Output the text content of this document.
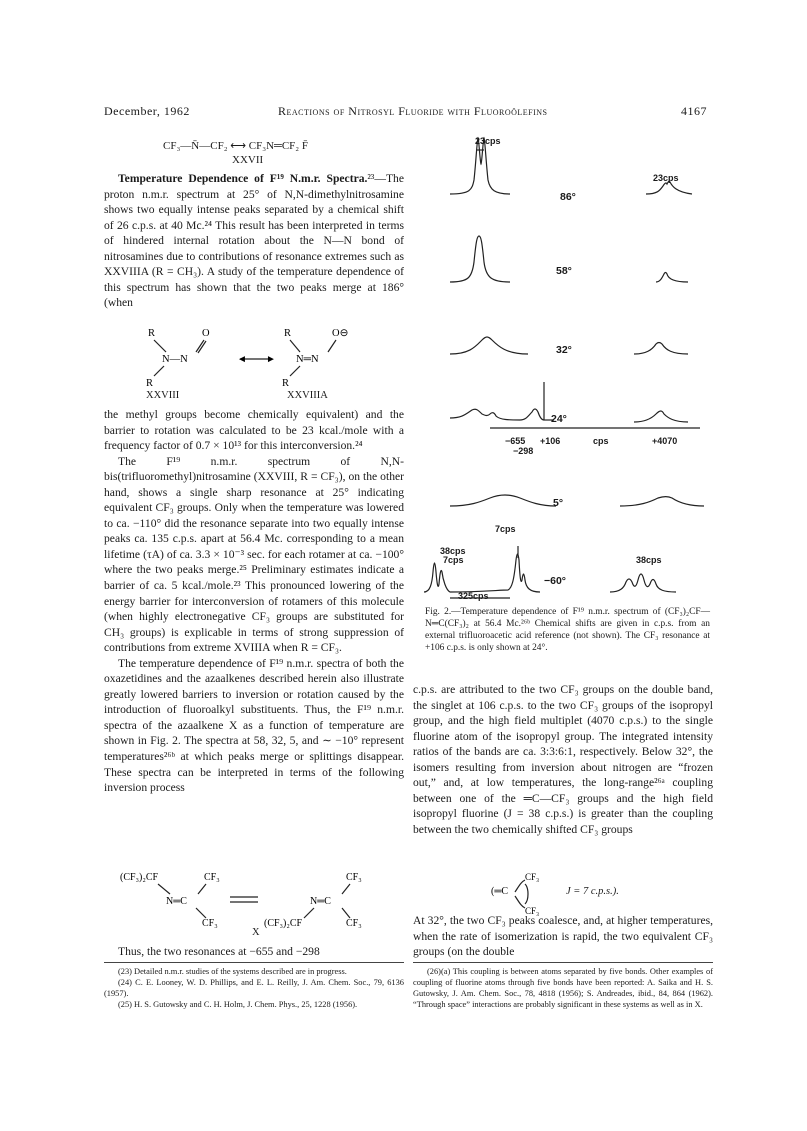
December, 1962	Reactions of Nitrosyl Fluoride with Fluoroölefins	4167
CF₃—N̄—CF₂ ⟷ CF₃N═CF₂ F̄
XXVII

Temperature Dependence of F¹⁹ N.m.r. Spectra.²³—The proton n.m.r. spectrum at 25° of N,N-dimethylnitrosamine shows two equally intense peaks separated by a chemical shift of 26 c.p.s. at 40 Mc.²⁴ This result has been interpreted in terms of hindered internal rotation about the N—N bond of nitrosamines due to contributions of resonance extremes such as XXVIIIA (R = CH₃). A study of the temperature dependence of this spectrum has shown that the two peaks merge at 186° (when

R	O	R	O⊖
N—N	◄ ► N═N
R	R
XXVIII	XXVIIIA

the methyl groups become chemically equivalent) and the barrier to rotation was calculated to be 23 kcal./mole with a frequency factor of 0.7 × 10¹³ for this interconversion.²⁴

The F¹⁹ n.m.r. spectrum of N,N-bis(trifluoromethyl)nitrosamine (XXVIII, R = CF₃), on the other hand, shows a single sharp resonance at 25° indicating equivalent CF₃ groups. Only when the temperature was lowered to ca. −110° did the resonance separate into two equally intense peaks ca. 135 c.p.s. apart at 56.4 Mc. corresponding to a mean lifetime (τA) of ca. 3.3 × 10⁻³ sec. for each rotamer at ca. −100° where the two peaks merge.²⁵ Preliminary estimates indicate a barrier of ca. 5 kcal./mole.²³ This pronounced lowering of the energy barrier for interconversion of rotamers of this molecule (when highly electronegative CF₃ groups are substituted for CH₃ groups) is explicable in terms of strong suppression of contributions from extreme XVIIIA when R = CF₃.

The temperature dependence of F¹⁹ n.m.r. spectra of both the oxazetidines and the azaalkenes described herein also illustrate greatly lowered barriers to inversion or rotation caused by the introduction of fluoroalkyl substituents. Thus, the F¹⁹ n.m.r. spectra of the azaalkene X as a function of temperature are shown in Fig. 2. The spectra at 58, 32, 5, and ∼ −10° represent temperatures²⁶ᵇ at which peaks merge or splittings disappear. These spectra can be interpreted in terms of the following inversion process

(CF₃)₂CF	CF₃
N═C
CF₃
N═C
CF₃
(CF₃)₂CF	CF₃
X

Thus, the two resonances at −655 and −298

(23) Detailed n.m.r. studies of the systems described are in progress.

(24) C. E. Looney, W. D. Phillips, and E. L. Reilly, J. Am. Chem. Soc., 79, 6136 (1957).

(25) H. S. Gutowsky and C. H. Holm, J. Chem. Phys., 25, 1228 (1956).

23cps
23cps
86°
58°
32°
24°
−655 +106
−298
cps	+4070
5°
7cps
38cps
7cps	38cps
−60°
325cps
Fig. 2.—Temperature dependence of F¹⁹ n.m.r. spectrum of (CF₃)₂CF—N═C(CF₃)₂ at 56.4 Mc.²⁶ᵇ Chemical shifts are given in c.p.s. from an external trifluoroacetic acid reference (not shown). The CF₃ resonance at +106 c.p.s. is only shown at 24°.

c.p.s. are attributed to the two CF₃ groups on the double band, the singlet at 106 c.p.s. to the two CF₃ groups of the isopropyl group, and the high field multiplet (4070 c.p.s.) to the single fluorine atom of the isopropyl group. The integrated intensity ratios of the bands are ca. 3:3:6:1, respectively. Below 32°, the isomers resulting from inversion about nitrogen are “frozen out,” and, at low temperatures, the long-range²⁶ᵃ coupling between one of the ═C—CF₃ groups and the high field isopropyl fluorine (J = 38 c.p.s.) is greater than the coupling between the two chemically shifted CF₃ groups

(═C
CF₃
CF₃
J = 7 c.p.s.).

At 32°, the two CF₃ peaks coalesce, and, at higher temperatures, when the rate of isomerization is rapid, the two equivalent CF₃ groups (on the double

(26)(a) This coupling is between atoms separated by five bonds. Other examples of coupling of fluorine atoms through five bonds have been reported: A. Saika and H. S. Gutowsky, J. Am. Chem. Soc., 78, 4818 (1956); S. Andreades, ibid., 84, 864 (1962). “Through space” interactions are probably significant in these systems as well as in X.
